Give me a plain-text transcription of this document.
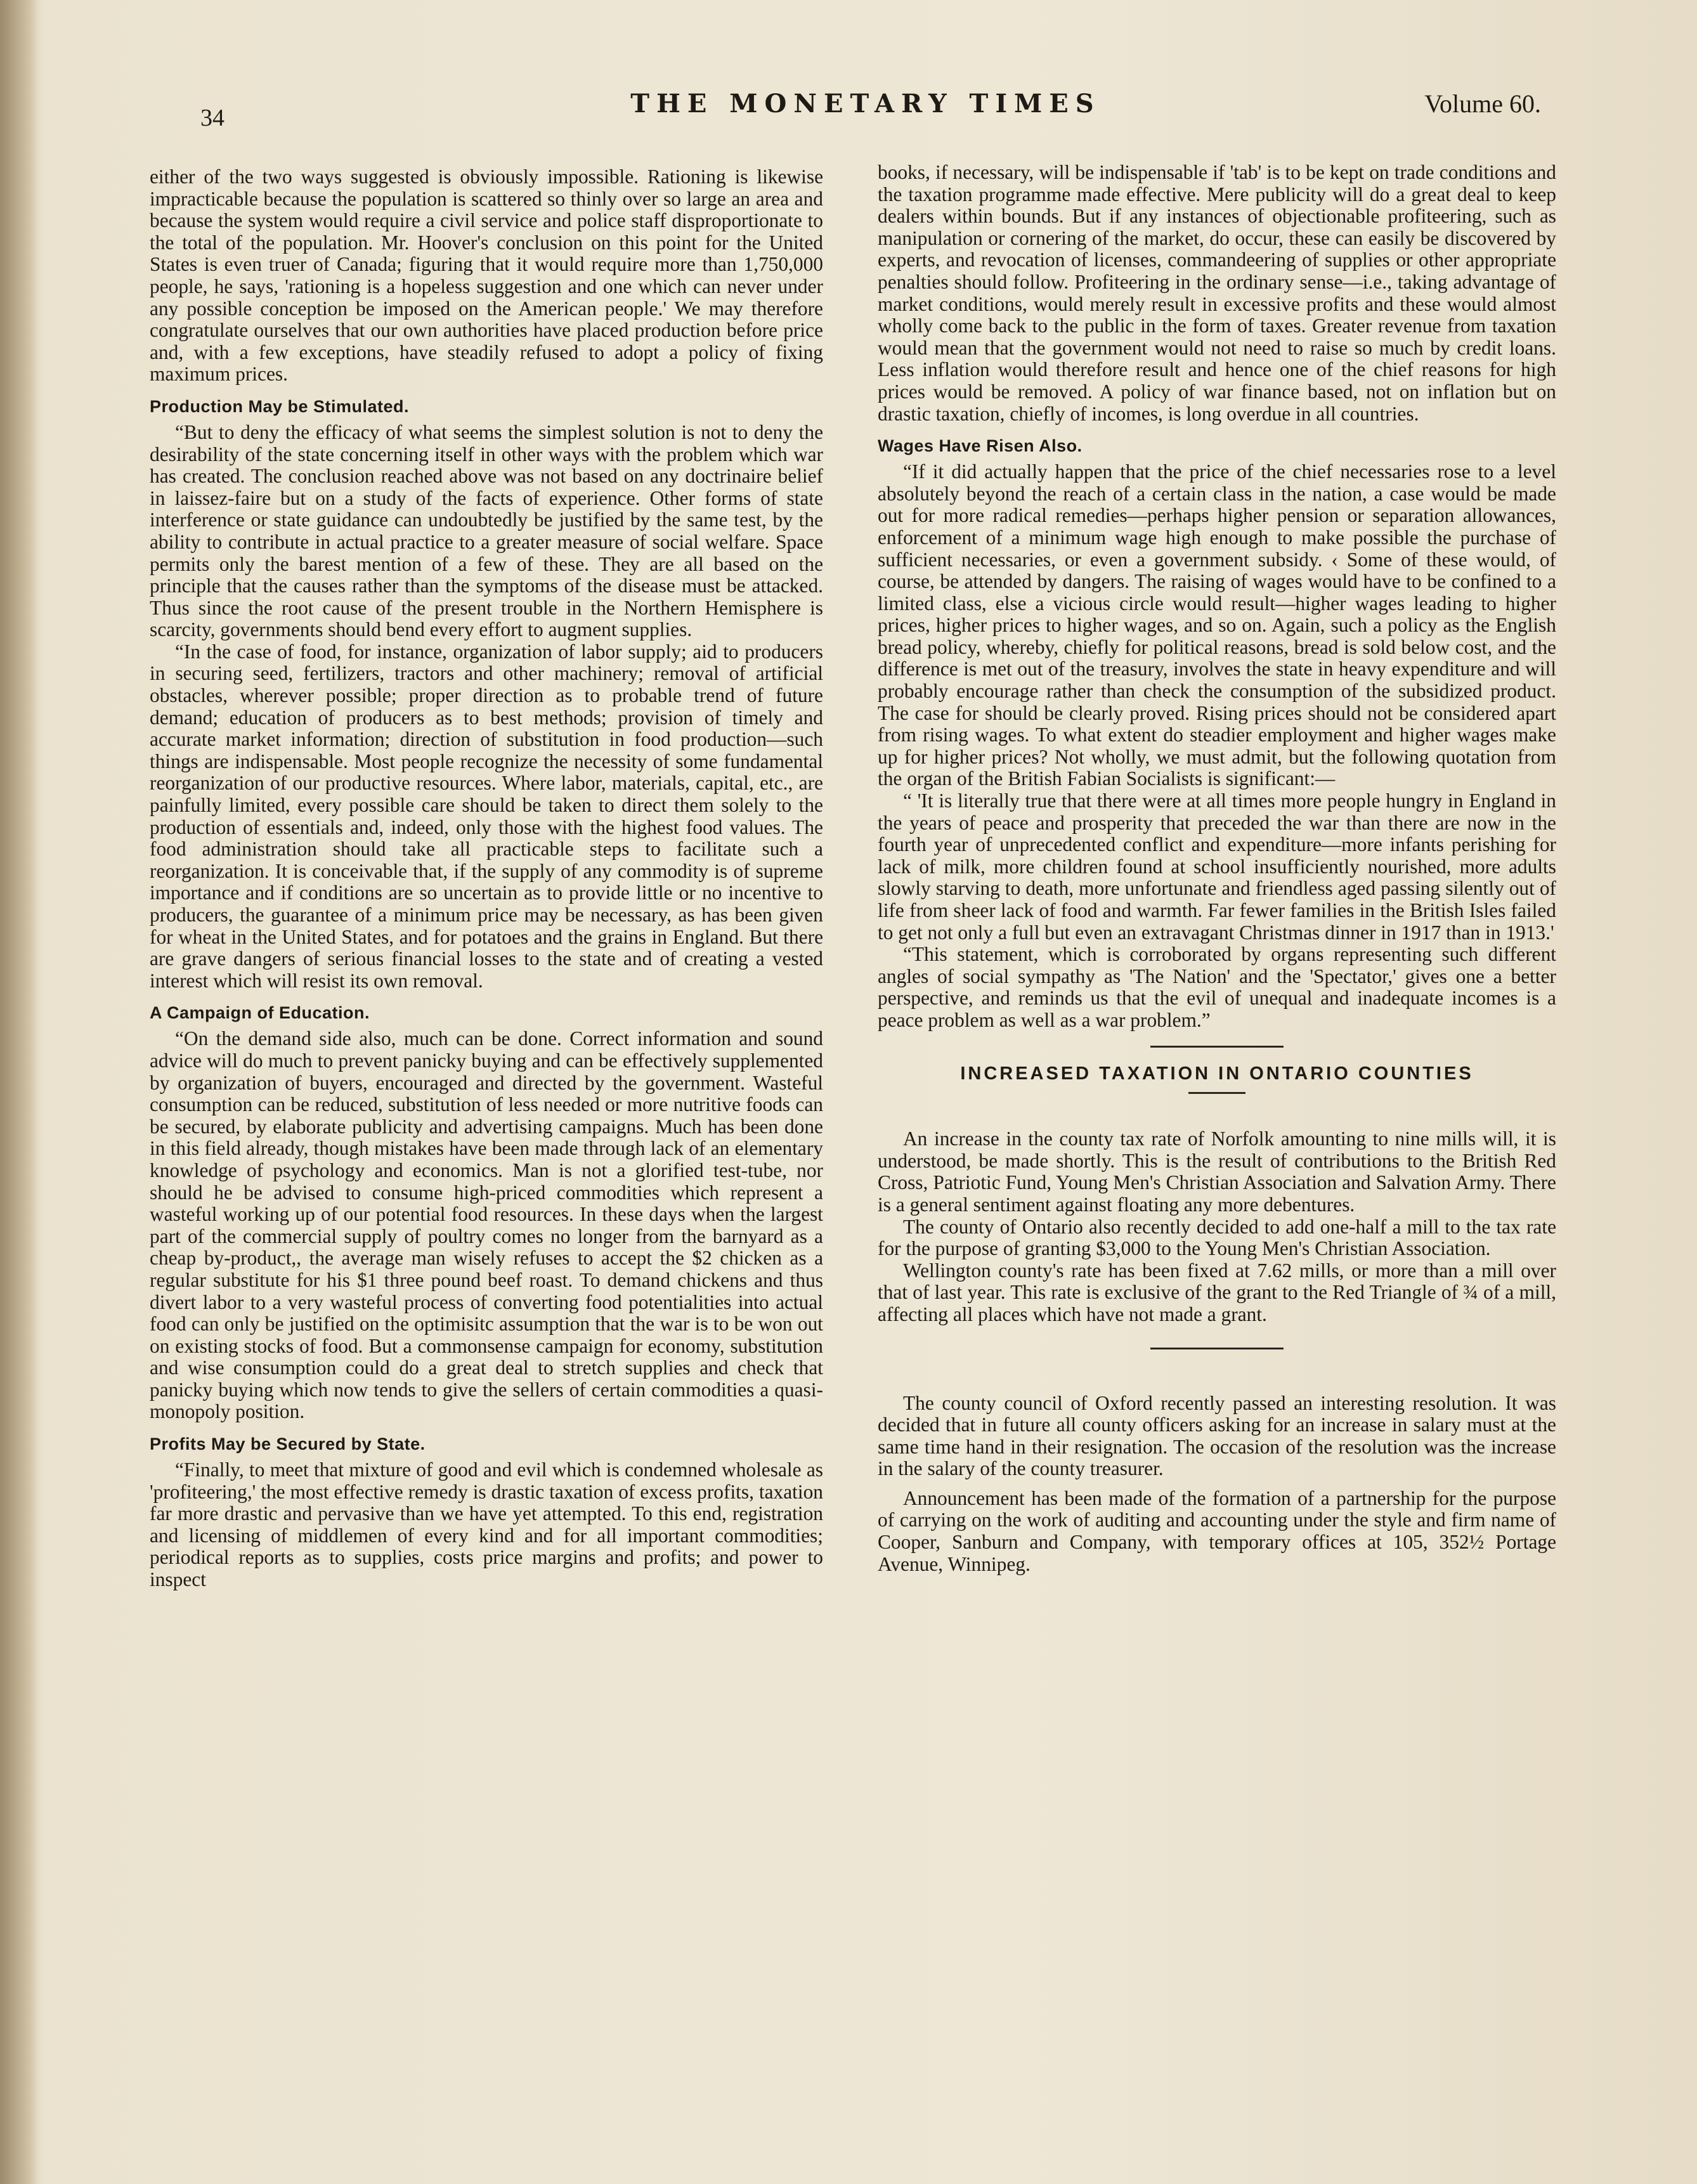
34	THE MONETARY TIMES	Volume 60.

either of the two ways suggested is obviously impossible. Rationing is likewise impracticable because the population is scattered so thinly over so large an area and because the system would require a civil service and police staff disproportionate to the total of the population. Mr. Hoover's conclusion on this point for the United States is even truer of Canada; figuring that it would require more than 1,750,000 people, he says, 'rationing is a hopeless suggestion and one which can never under any possible conception be imposed on the American people.' We may therefore congratulate ourselves that our own authorities have placed production before price and, with a few exceptions, have steadily refused to adopt a policy of fixing maximum prices.

Production May be Stimulated.

“But to deny the efficacy of what seems the simplest solution is not to deny the desirability of the state concerning itself in other ways with the problem which war has created. The conclusion reached above was not based on any doctrinaire belief in laissez-faire but on a study of the facts of experience. Other forms of state interference or state guidance can undoubtedly be justified by the same test, by the ability to contribute in actual practice to a greater measure of social welfare. Space permits only the barest mention of a few of these. They are all based on the principle that the causes rather than the symptoms of the disease must be attacked. Thus since the root cause of the present trouble in the Northern Hemisphere is scarcity, governments should bend every effort to augment supplies.

“In the case of food, for instance, organization of labor supply; aid to producers in securing seed, fertilizers, tractors and other machinery; removal of artificial obstacles, wherever possible; proper direction as to probable trend of future demand; education of producers as to best methods; provision of timely and accurate market information; direction of substitution in food production—such things are indispensable. Most people recognize the necessity of some fundamental reorganization of our productive resources. Where labor, materials, capital, etc., are painfully limited, every possible care should be taken to direct them solely to the production of essentials and, indeed, only those with the highest food values. The food administration should take all practicable steps to facilitate such a reorganization. It is conceivable that, if the supply of any commodity is of supreme importance and if conditions are so uncertain as to provide little or no incentive to producers, the guarantee of a minimum price may be necessary, as has been given for wheat in the United States, and for potatoes and the grains in England. But there are grave dangers of serious financial losses to the state and of creating a vested interest which will resist its own removal.

A Campaign of Education.

“On the demand side also, much can be done. Correct information and sound advice will do much to prevent panicky buying and can be effectively supplemented by organization of buyers, encouraged and directed by the government. Wasteful consumption can be reduced, substitution of less needed or more nutritive foods can be secured, by elaborate publicity and advertising campaigns. Much has been done in this field already, though mistakes have been made through lack of an elementary knowledge of psychology and economics. Man is not a glorified test-tube, nor should he be advised to consume high-priced commodities which represent a wasteful working up of our potential food resources. In these days when the largest part of the commercial supply of poultry comes no longer from the barnyard as a cheap by-product,, the average man wisely refuses to accept the $2 chicken as a regular substitute for his $1 three pound beef roast. To demand chickens and thus divert labor to a very wasteful process of converting food potentialities into actual food can only be justified on the optimisitc assumption that the war is to be won out on existing stocks of food. But a commonsense campaign for economy, substitution and wise consumption could do a great deal to stretch supplies and check that panicky buying which now tends to give the sellers of certain commodities a quasi-monopoly position.

Profits May be Secured by State.

“Finally, to meet that mixture of good and evil which is condemned wholesale as 'profiteering,' the most effective remedy is drastic taxation of excess profits, taxation far more drastic and pervasive than we have yet attempted. To this end, registration and licensing of middlemen of every kind and for all important commodities; periodical reports as to supplies, costs price margins and profits; and power to inspect

books, if necessary, will be indispensable if 'tab' is to be kept on trade conditions and the taxation programme made effective. Mere publicity will do a great deal to keep dealers within bounds. But if any instances of objectionable profiteering, such as manipulation or cornering of the market, do occur, these can easily be discovered by experts, and revocation of licenses, commandeering of supplies or other appropriate penalties should follow. Profiteering in the ordinary sense—i.e., taking advantage of market conditions, would merely result in excessive profits and these would almost wholly come back to the public in the form of taxes. Greater revenue from taxation would mean that the government would not need to raise so much by credit loans. Less inflation would therefore result and hence one of the chief reasons for high prices would be removed. A policy of war finance based, not on inflation but on drastic taxation, chiefly of incomes, is long overdue in all countries.

Wages Have Risen Also.

“If it did actually happen that the price of the chief necessaries rose to a level absolutely beyond the reach of a certain class in the nation, a case would be made out for more radical remedies—perhaps higher pension or separation allowances, enforcement of a minimum wage high enough to make possible the purchase of sufficient necessaries, or even a government subsidy. ‹ Some of these would, of course, be attended by dangers. The raising of wages would have to be confined to a limited class, else a vicious circle would result—higher wages leading to higher prices, higher prices to higher wages, and so on. Again, such a policy as the English bread policy, whereby, chiefly for political reasons, bread is sold below cost, and the difference is met out of the treasury, involves the state in heavy expenditure and will probably encourage rather than check the consumption of the subsidized product. The case for should be clearly proved. Rising prices should not be considered apart from rising wages. To what extent do steadier employment and higher wages make up for higher prices? Not wholly, we must admit, but the following quotation from the organ of the British Fabian Socialists is significant:—

“ 'It is literally true that there were at all times more people hungry in England in the years of peace and prosperity that preceded the war than there are now in the fourth year of unprecedented conflict and expenditure—more infants perishing for lack of milk, more children found at school insufficiently nourished, more adults slowly starving to death, more unfortunate and friendless aged passing silently out of life from sheer lack of food and warmth. Far fewer families in the British Isles failed to get not only a full but even an extravagant Christmas dinner in 1917 than in 1913.'

“This statement, which is corroborated by organs representing such different angles of social sympathy as 'The Nation' and the 'Spectator,' gives one a better perspective, and reminds us that the evil of unequal and inadequate incomes is a peace problem as well as a war problem.”

INCREASED TAXATION IN ONTARIO COUNTIES

An increase in the county tax rate of Norfolk amounting to nine mills will, it is understood, be made shortly. This is the result of contributions to the British Red Cross, Patriotic Fund, Young Men's Christian Association and Salvation Army. There is a general sentiment against floating any more debentures.

The county of Ontario also recently decided to add one-half a mill to the tax rate for the purpose of granting $3,000 to the Young Men's Christian Association.

Wellington county's rate has been fixed at 7.62 mills, or more than a mill over that of last year. This rate is exclusive of the grant to the Red Triangle of ¾ of a mill, affecting all places which have not made a grant.

The county council of Oxford recently passed an interesting resolution. It was decided that in future all county officers asking for an increase in salary must at the same time hand in their resignation. The occasion of the resolution was the increase in the salary of the county treasurer.

Announcement has been made of the formation of a partnership for the purpose of carrying on the work of auditing and accounting under the style and firm name of Cooper, Sanburn and Company, with temporary offices at 105, 352½ Portage Avenue, Winnipeg.
